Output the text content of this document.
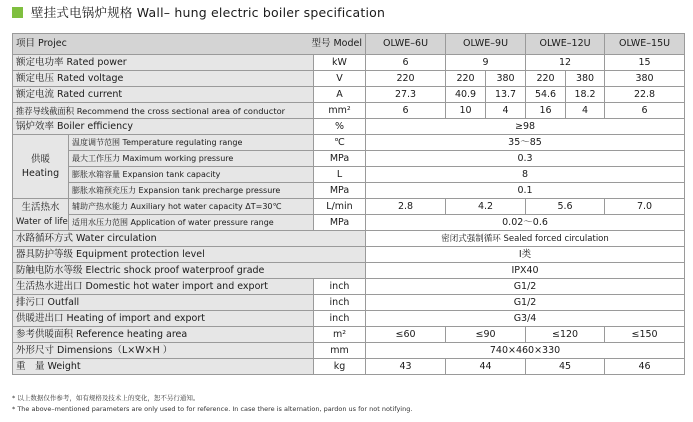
壁挂式电锅炉规格 Wall– hung electric boiler specification
项目 Projec 型号 Model			OLWE–6U	OLWE–9U		OLWE–12U		OLWE–15U
额定电功率 Rated power		kW	6	9		12		15
额定电压 Rated voltage		V	220	220	380	220	380	380
额定电流 Rated current		A	27.3	40.9	13.7	54.6	18.2	22.8
推荐导线截面积 Recommend the cross sectional area of conductor		mm²	6	10	4	16	4	6
锅炉效率 Boiler efficiency		%	≥98					

供暖
Heating	温度调节范围 Temperature regulating range	℃	35～85					
	最大工作压力 Maximum working pressure	MPa	0.3					
	膨胀水箱容量 Expansion tank capacity	L	8					
	膨胀水箱预充压力 Expansion tank precharge pressure	MPa	0.1					

生活热水
Water of life	辅助产热水能力 Auxiliary hot water capacity ΔT=30℃	L/min	2.8	4.2		5.6		7.0
	适用水压力范围 Application of water pressure range	MPa	0.02～0.6					
水路循环方式 Water circulation			密闭式强制循环 Sealed forced circulation					
器具防护等级 Equipment protection level			I类					
防触电防水等级 Electric shock proof waterproof grade			IPX40					
生活热水进出口 Domestic hot water import and export		inch	G1/2					
排污口 Outfall		inch	G1/2					
供暖进出口 Heating of import and export		inch	G3/4					
参考供暖面积 Reference heating area		m²	≤60	≤90		≤120		≤150
外形尺寸 Dimensions（L×W×H ）		mm	740×460×330					
重　量 Weight		kg	43	44		45		46
* 以上数据仅作参考，如有规格及技术上的变化，恕不另行通知。
* The above–mentioned parameters are only used to for reference. In case there is alternation, pardon us for not notifying.
